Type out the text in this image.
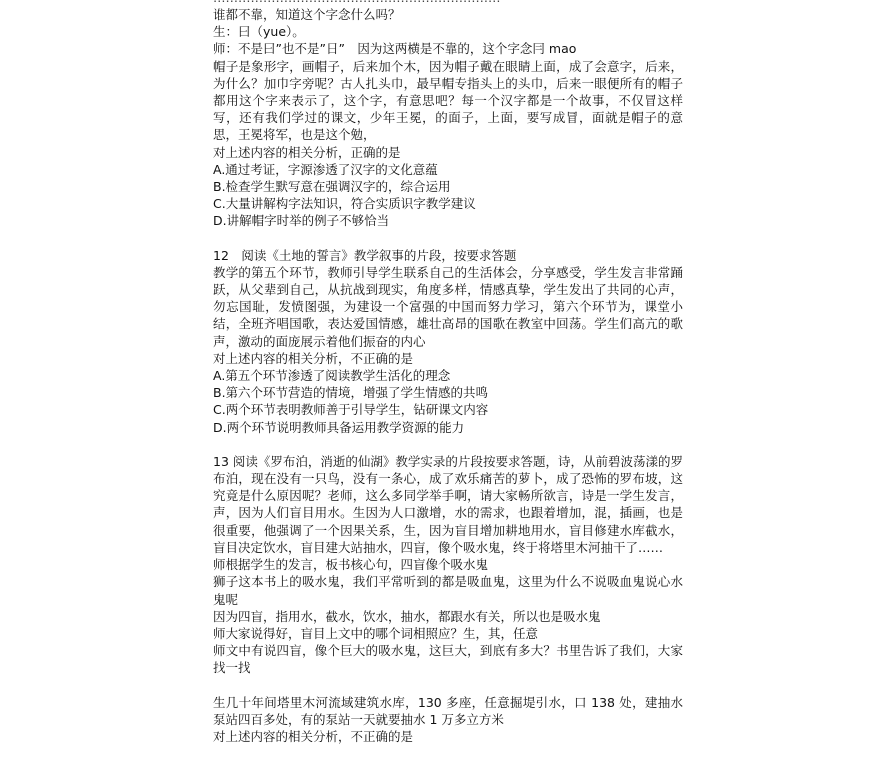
谁都不靠，知道这个字念什么吗？
生：曰（yue）。
师：不是曰”也不是”日”　因为这两横是不靠的，这个字念冃 mao
帽子是象形字，画帽子，后来加个木，因为帽子戴在眼睛上面，成了会意字，后来，为什么？加巾字旁呢？古人扎头巾，最早帽专指头上的头巾，后来一眼便所有的帽子都用这个字来表示了，这个字，有意思吧？每一个汉字都是一个故事，不仅冒这样写，还有我们学过的课文，少年王冕，的面子，上面，要写成冒，面就是帽子的意思，王冕将军，也是这个勉，
对上述内容的相关分析，正确的是
A.通过考证，字源渗透了汉字的文化意蕴
B.检查学生默写意在强调汉字的，综合运用
C.大量讲解构字法知识，符合实质识字教学建议
D.讲解帽字时举的例子不够恰当
12　阅读《土地的誓言》教学叙事的片段，按要求答题
教学的第五个环节，教师引导学生联系自己的生活体会，分享感受，学生发言非常踊跃，从父辈到自己，从抗战到现实，角度多样，情感真挚，学生发出了共同的心声，勿忘国耻，发愤图强，为建设一个富强的中国而努力学习，第六个环节为，课堂小结，全班齐唱国歌，表达爱国情感，雄壮高昂的国歌在教室中回荡。学生们高亢的歌声，激动的面庞展示着他们振奋的内心
对上述内容的相关分析，不正确的是
A.第五个环节渗透了阅读教学生活化的理念
B.第六个环节营造的情境，增强了学生情感的共鸣
C.两个环节表明教师善于引导学生，钻研课文内容
D.两个环节说明教师具备运用教学资源的能力
13 阅读《罗布泊，消逝的仙湖》教学实录的片段按要求答题，诗，从前碧波荡漾的罗布泊，现在没有一只鸟，没有一条心，成了欢乐痛苦的萝卜，成了恐怖的罗布坡，这究竟是什么原因呢？老师，这么多同学举手啊，请大家畅所欲言，诗是一学生发言，声，因为人们盲目用水。生因为人口激增，水的需求，也跟着增加，混，插画，也是很重要，他强调了一个因果关系，生，因为盲目增加耕地用水，盲目修建水库截水，盲目决定饮水，盲目建大站抽水，四盲，像个吸水鬼，终于将塔里木河抽干了……
师根据学生的发言，板书核心句，四盲像个吸水鬼
狮子这本书上的吸水鬼，我们平常听到的都是吸血鬼，这里为什么不说吸血鬼说心水鬼呢
因为四盲，指用水，截水，饮水，抽水，都跟水有关，所以也是吸水鬼
师大家说得好，盲目上文中的哪个词相照应？生，其，任意
师文中有说四盲，像个巨大的吸水鬼，这巨大，到底有多大？书里告诉了我们，大家找一找
生几十年间塔里木河流域建筑水库，130 多座，任意掘堤引水，口 138 处，建抽水泵站四百多处，有的泵站一天就要抽水 1 万多立方米
对上述内容的相关分析，不正确的是
